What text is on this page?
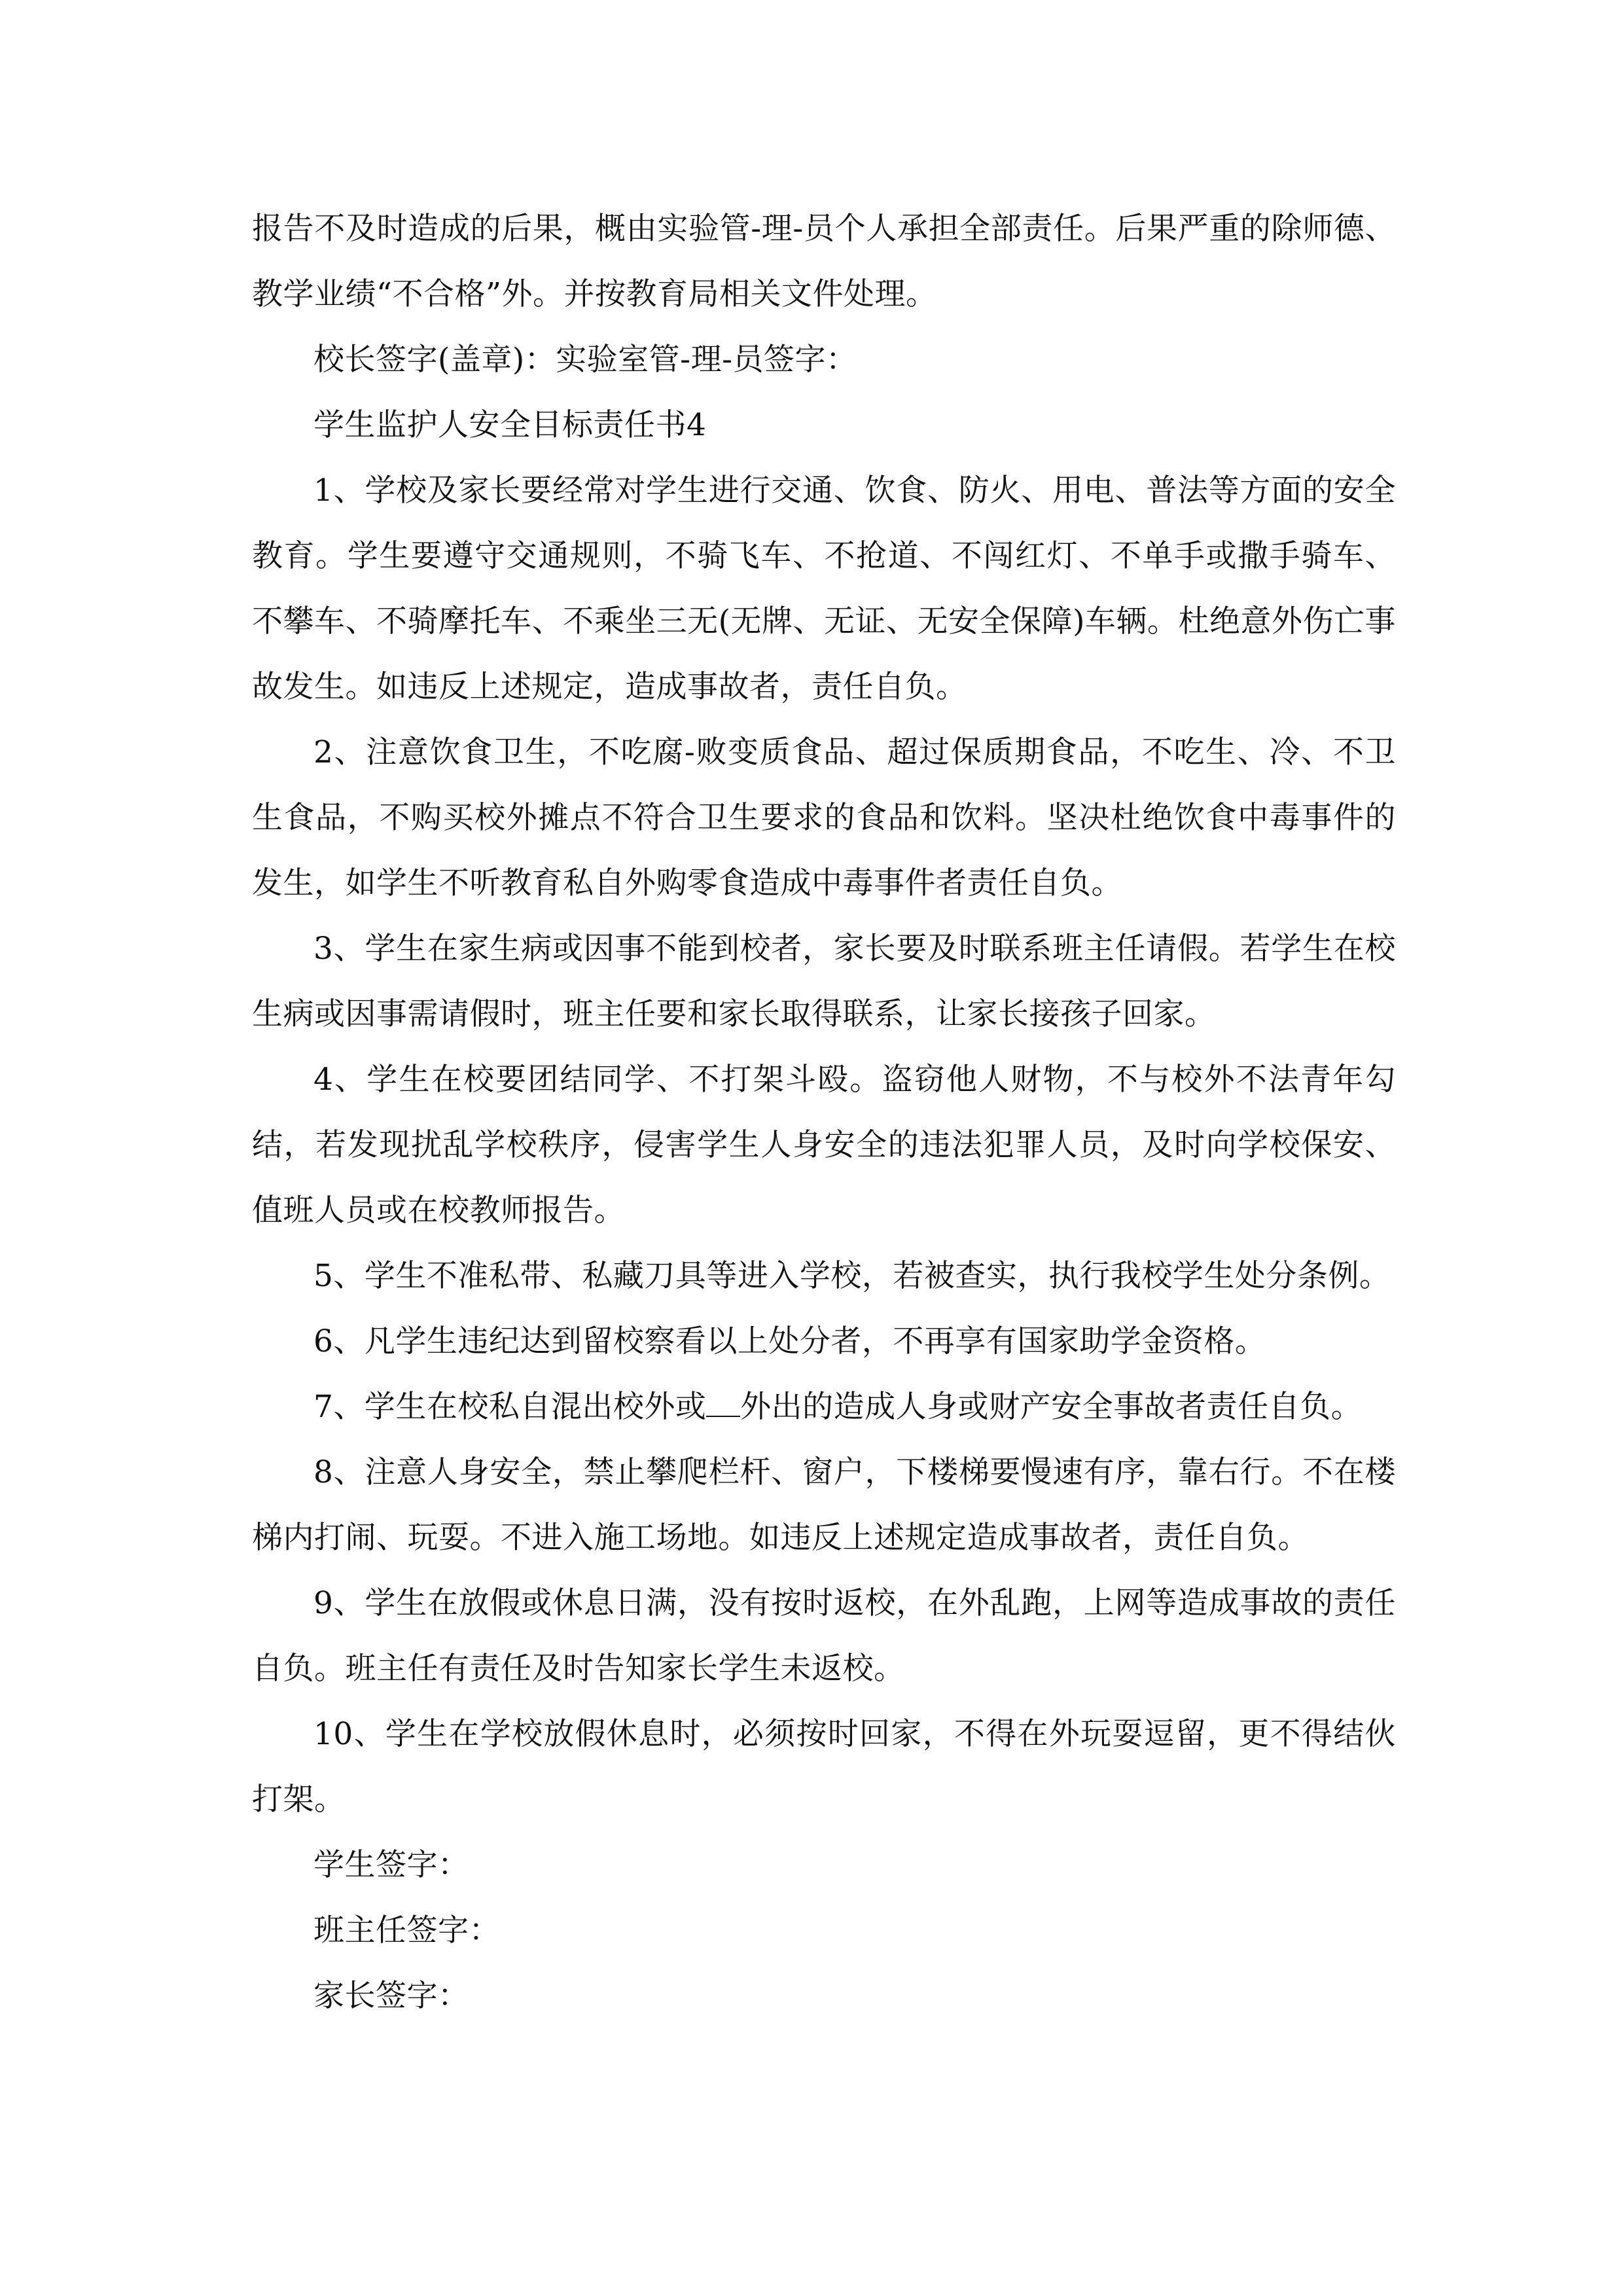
报告不及时造成的后果，概由实验管-理-员个人承担全部责任。后果严重的除师德、教学业绩“不合格”外。并按教育局相关文件处理。

校长签字(盖章)：实验室管-理-员签字：

学生监护人安全目标责任书4

1、学校及家长要经常对学生进行交通、饮食、防火、用电、普法等方面的安全教育。学生要遵守交通规则，不骑飞车、不抢道、不闯红灯、不单手或撒手骑车、不攀车、不骑摩托车、不乘坐三无(无牌、无证、无安全保障)车辆。杜绝意外伤亡事故发生。如违反上述规定，造成事故者，责任自负。

2、注意饮食卫生，不吃腐-败变质食品、超过保质期食品，不吃生、冷、不卫生食品，不购买校外摊点不符合卫生要求的食品和饮料。坚决杜绝饮食中毒事件的发生，如学生不听教育私自外购零食造成中毒事件者责任自负。

3、学生在家生病或因事不能到校者，家长要及时联系班主任请假。若学生在校生病或因事需请假时，班主任要和家长取得联系，让家长接孩子回家。

4、学生在校要团结同学、不打架斗殴。盗窃他人财物，不与校外不法青年勾结，若发现扰乱学校秩序，侵害学生人身安全的违法犯罪人员，及时向学校保安、值班人员或在校教师报告。

5、学生不准私带、私藏刀具等进入学校，若被查实，执行我校学生处分条例。

6、凡学生违纪达到留校察看以上处分者，不再享有国家助学金资格。

7、学生在校私自混出校外或 外出的造成人身或财产安全事故者责任自负。

8、注意人身安全，禁止攀爬栏杆、窗户，下楼梯要慢速有序，靠右行。不在楼梯内打闹、玩耍。不进入施工场地。如违反上述规定造成事故者，责任自负。

9、学生在放假或休息日满，没有按时返校，在外乱跑，上网等造成事故的责任自负。班主任有责任及时告知家长学生未返校。

10、学生在学校放假休息时，必须按时回家，不得在外玩耍逗留，更不得结伙打架。

学生签字：

班主任签字：

家长签字：
